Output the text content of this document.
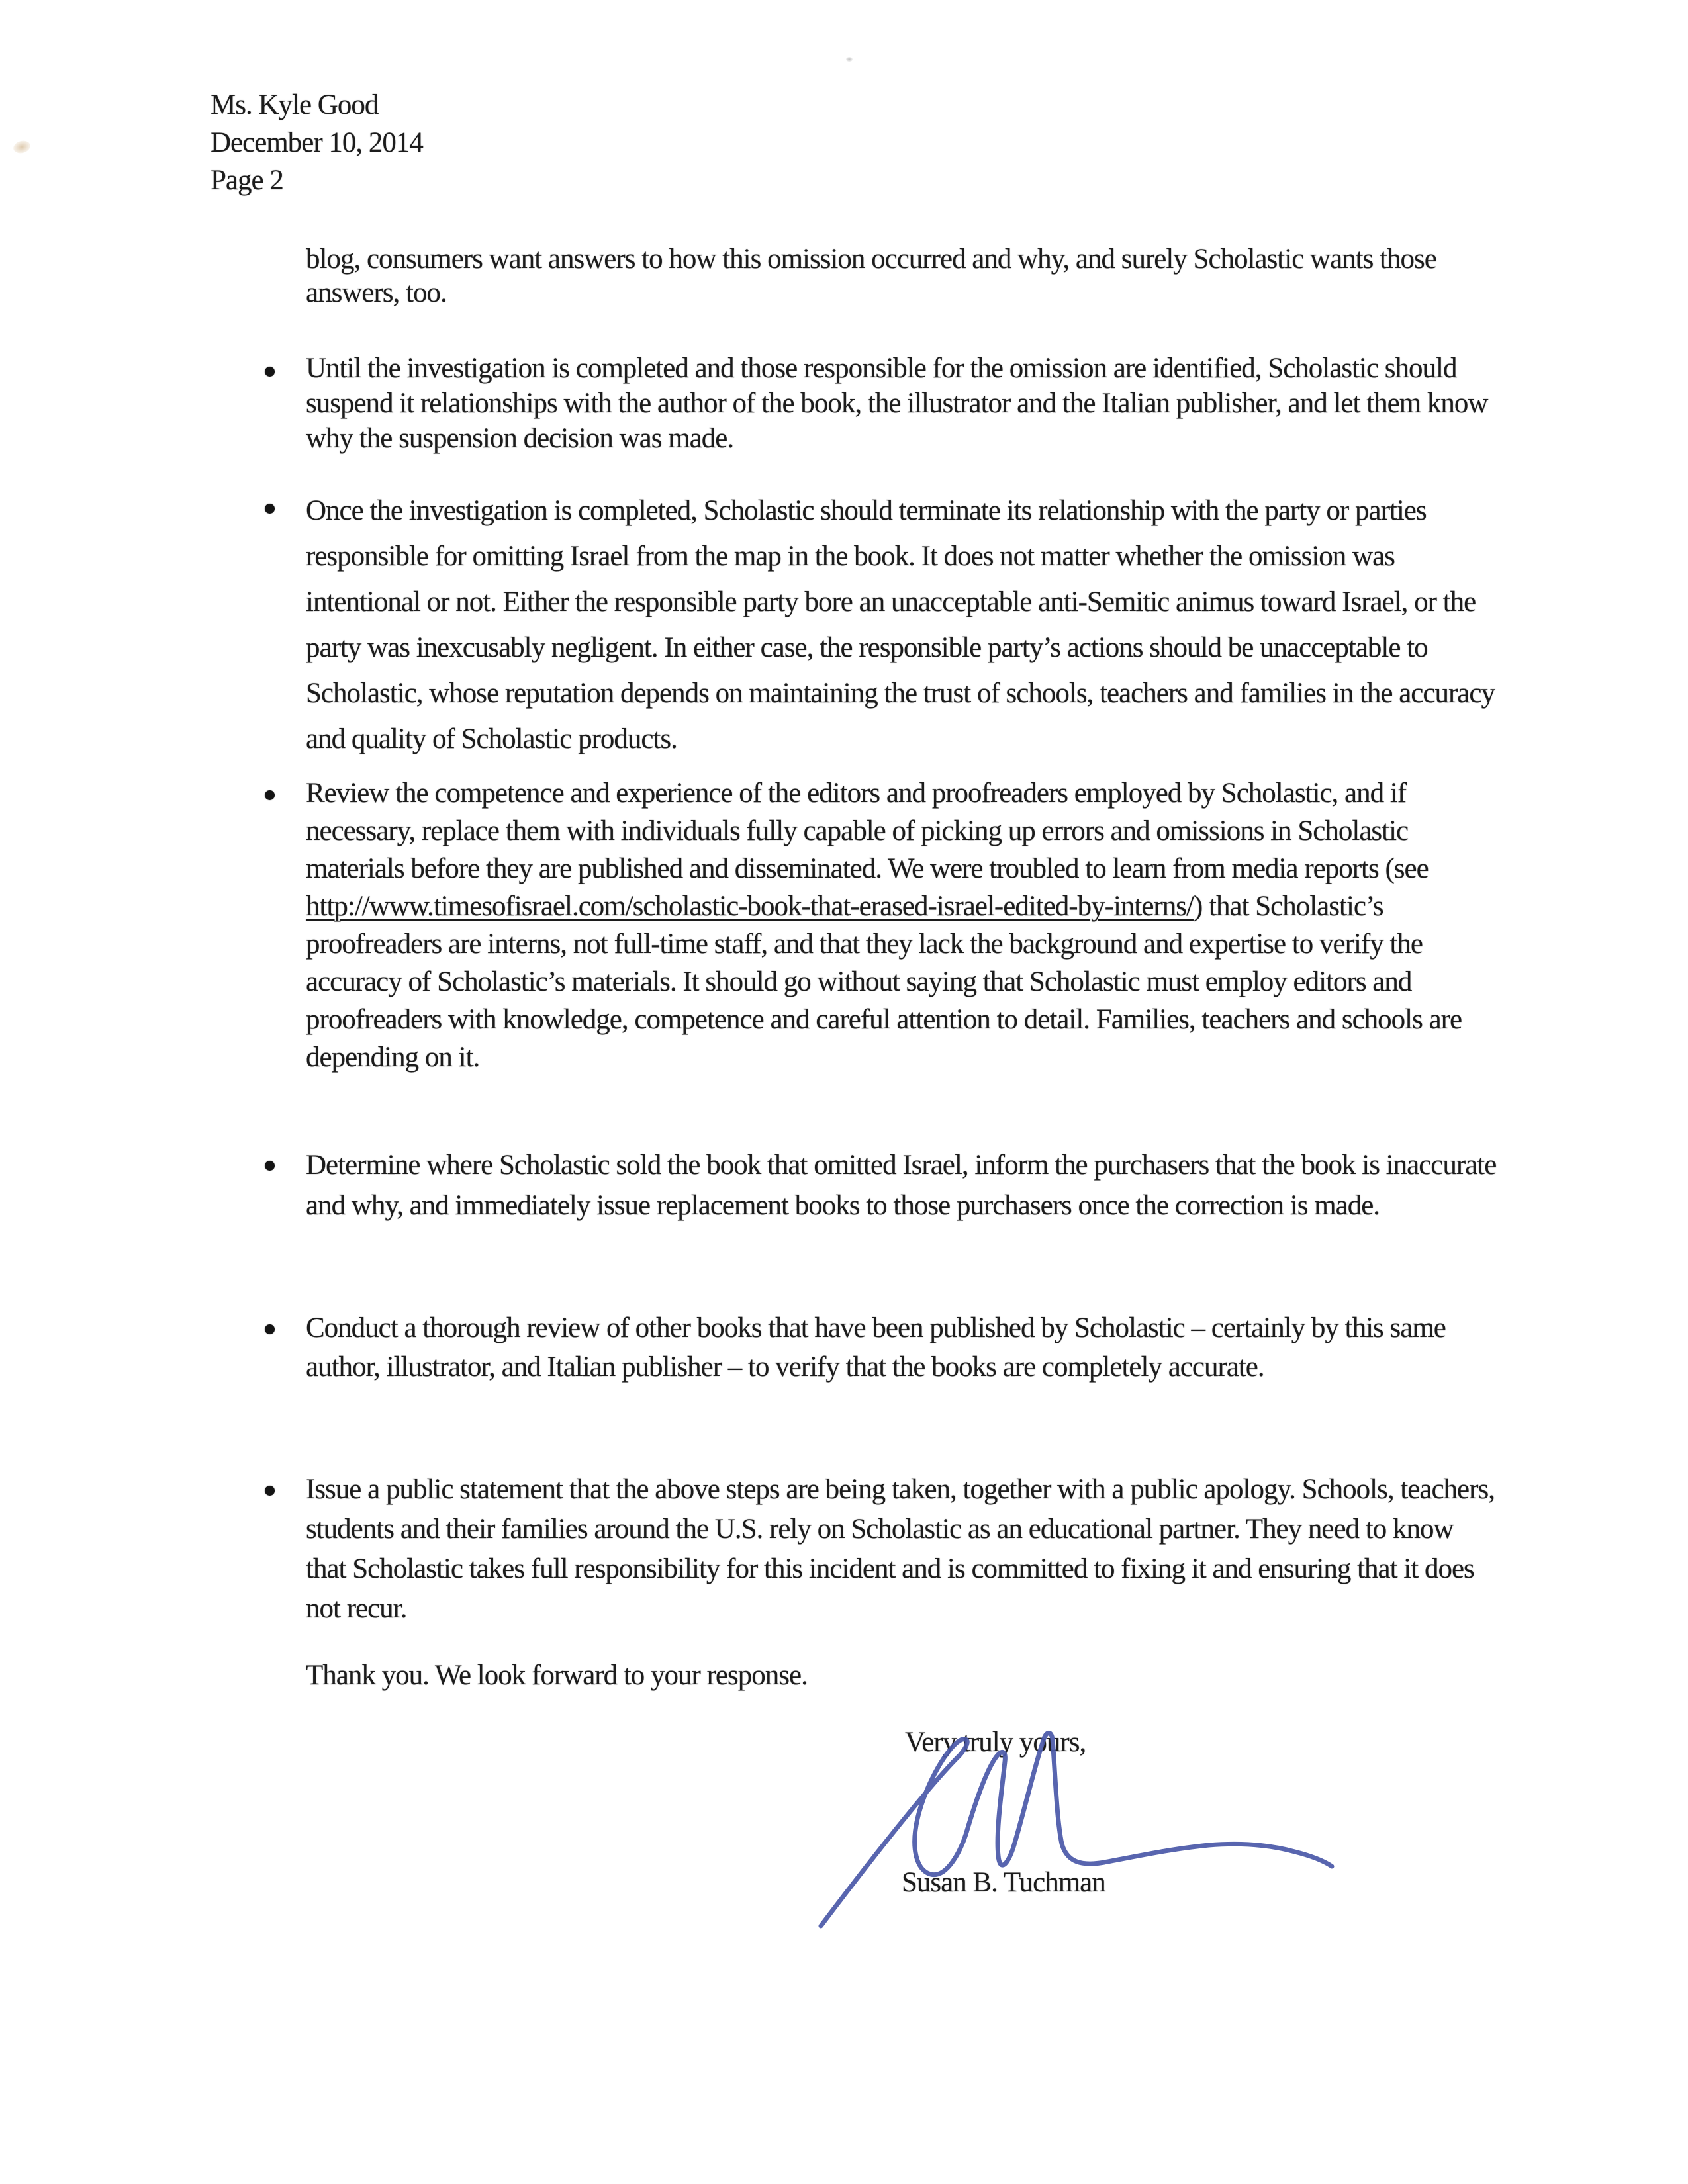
Ms. Kyle Good
December 10, 2014
Page 2
blog, consumers want answers to how this omission occurred and why, and surely Scholastic wants those answers, too.
Until the investigation is completed and those responsible for the omission are identified, Scholastic should suspend it relationships with the author of the book, the illustrator and the Italian publisher, and let them know why the suspension decision was made.
Once the investigation is completed, Scholastic should terminate its relationship with the party or parties responsible for omitting Israel from the map in the book. It does not matter whether the omission was intentional or not. Either the responsible party bore an unacceptable anti-Semitic animus toward Israel, or the party was inexcusably negligent. In either case, the responsible party’s actions should be unacceptable to Scholastic, whose reputation depends on maintaining the trust of schools, teachers and families in the accuracy and quality of Scholastic products.
Review the competence and experience of the editors and proofreaders employed by Scholastic, and if necessary, replace them with individuals fully capable of picking up errors and omissions in Scholastic materials before they are published and disseminated. We were troubled to learn from media reports (see http://www.timesofisrael.com/scholastic-book-that-erased-israel-edited-by-interns/) that Scholastic’s proofreaders are interns, not full-time staff, and that they lack the background and expertise to verify the accuracy of Scholastic’s materials. It should go without saying that Scholastic must employ editors and proofreaders with knowledge, competence and careful attention to detail. Families, teachers and schools are depending on it.
Determine where Scholastic sold the book that omitted Israel, inform the purchasers that the book is inaccurate and why, and immediately issue replacement books to those purchasers once the correction is made.
Conduct a thorough review of other books that have been published by Scholastic – certainly by this same author, illustrator, and Italian publisher – to verify that the books are completely accurate.
Issue a public statement that the above steps are being taken, together with a public apology. Schools, teachers, students and their families around the U.S. rely on Scholastic as an educational partner. They need to know that Scholastic takes full responsibility for this incident and is committed to fixing it and ensuring that it does not recur.
Thank you. We look forward to your response.
Very truly yours,
Susan B. Tuchman
